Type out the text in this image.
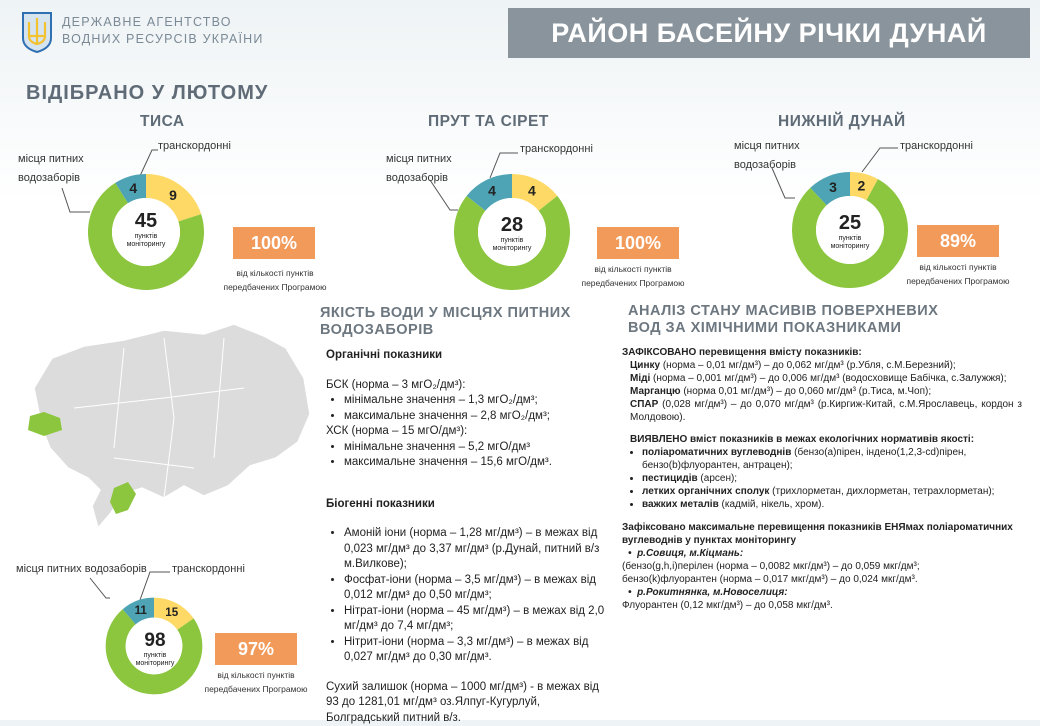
ДЕРЖАВНЕ АГЕНТСТВО
ВОДНИХ РЕСУРСІВ УКРАЇНИ	РАЙОН БАСЕЙНУ РІЧКИ ДУНАЙ
ВІДІБРАНО У ЛЮТОМУ
ТИСА	ПРУТ ТА СІРЕТ	НИЖНІЙ ДУНАЙ
місця питних
водозаборів
транскордонні
9
4
45
пунктів
моніторингу	100%
від кількості пунктів
передбачених Програмою
місця питних
водозаборів
транскордонні
4
4
28
пунктів
моніторингу	100%
від кількості пунктів
передбачених Програмою
місця питних
водозаборів
транскордонні
2
3
25
пунктів
моніторингу	89%
від кількості пунктів
передбачених Програмою
місця питних водозаборів транскордонні
15
11
98
пунктів
моніторингу
97%
від кількості пунктів
передбачених Програмою
ЯКІСТЬ ВОДИ У МІСЦЯХ ПИТНИХ
ВОДОЗАБОРІВ
Органічні показники
БСК (норма – 3 мгО₂/дм³):
• мінімальне значення – 1,3 мгО₂/дм³;
• максимальне значення – 2,8 мгО₂/дм³;
ХСК (норма – 15 мгО/дм³):
• мінімальне значення – 5,2 мгО/дм³
• максимальне значення – 15,6 мгО/дм³.
Біогенні показники
• Амоній іони (норма – 1,28 мг/дм³) – в межах від 0,023 мг/дм³ до 3,37 мг/дм³ (р.Дунай, питний в/з м.Вилкове);
• Фосфат-іони (норма – 3,5 мг/дм³) – в межах від 0,012 мг/дм³ до 0,50 мг/дм³;
• Нітрат-іони (норма – 45 мг/дм³) – в межах від 2,0 мг/дм³ до 7,4 мг/дм³;
• Нітрит-іони (норма – 3,3 мг/дм³) – в межах від 0,027 мг/дм³ до 0,30 мг/дм³.
Сухий залишок (норма – 1000 мг/дм³) - в межах від 93 до 1281,01 мг/дм³ оз.Ялпуг-Кугурлуй, Болградський питний в/з.
АНАЛІЗ СТАНУ МАСИВІВ ПОВЕРХНЕВИХ
ВОД ЗА ХІМІЧНИМИ ПОКАЗНИКАМИ
ЗАФІКСОВАНО перевищення вмісту показників:
Цинку (норма – 0,01 мг/дм³) – до 0,062 мг/дм³ (р.Убля, с.М.Березний);
Міді (норма – 0,001 мг/дм³) – до 0,006 мг/дм³ (водосховище Бабічка, с.Залужжя);
Марганцю (норма 0,01 мг/дм³) – до 0,060 мг/дм³ (р.Тиса, м.Чоп);
СПАР (0,028 мг/дм³) – до 0,070 мг/дм³ (р.Киргиж-Китай, с.М.Ярославець, кордон з Молдовою).
ВИЯВЛЕНО вміст показників в межах екологічних нормативів якості:
• поліароматичних вуглеводнів (бензо(а)пірен, індено(1,2,3-cd)пірен, бензо(b)флуорантен, антрацен);
• пестицидів (арсен);
• летких органічних сполук (трихлорметан, дихлорметан, тетрахлорметан);
• важких металів (кадмій, нікель, хром).
Зафіксовано максимальне перевищення показників ЕНЯмах поліароматичних вуглеводнів у пунктах моніторингу
•  р.Совиця, м.Кіцмань:
(бензо(g,h,i)перілен (норма – 0,0082 мкг/дм³) – до 0,059 мкг/дм³;
бензо(k)флуорантен (норма – 0,017 мкг/дм³) – до 0,024 мкг/дм³.
•  р.Рокитнянка, м.Новоселиця:
Флуорантен (0,12 мкг/дм³) – до 0,058 мкг/дм³.
